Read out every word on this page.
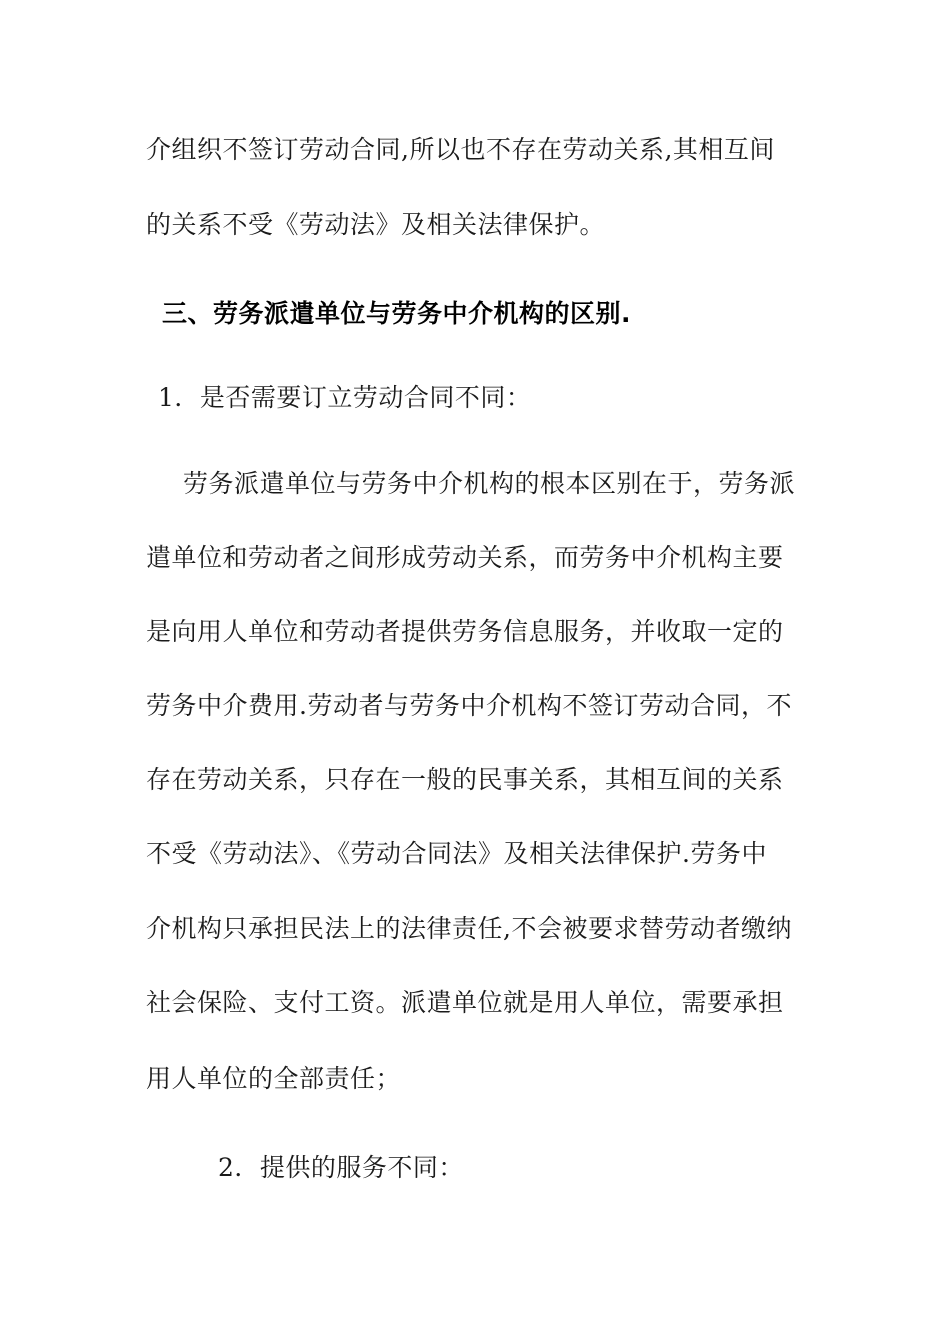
介组织不签订劳动合同,所以也不存在劳动关系,其相互间
的关系不受《劳动法》及相关法律保护。
三、劳务派遣单位与劳务中介机构的区别.
1．是否需要订立劳动合同不同：
劳务派遣单位与劳务中介机构的根本区别在于，劳务派
遣单位和劳动者之间形成劳动关系，而劳务中介机构主要
是向用人单位和劳动者提供劳务信息服务，并收取一定的
劳务中介费用.劳动者与劳务中介机构不签订劳动合同，不
存在劳动关系，只存在一般的民事关系，其相互间的关系
不受《劳动法》、《劳动合同法》及相关法律保护.劳务中
介机构只承担民法上的法律责任,不会被要求替劳动者缴纳
社会保险、支付工资。派遣单位就是用人单位，需要承担
用人单位的全部责任；
2．提供的服务不同：
